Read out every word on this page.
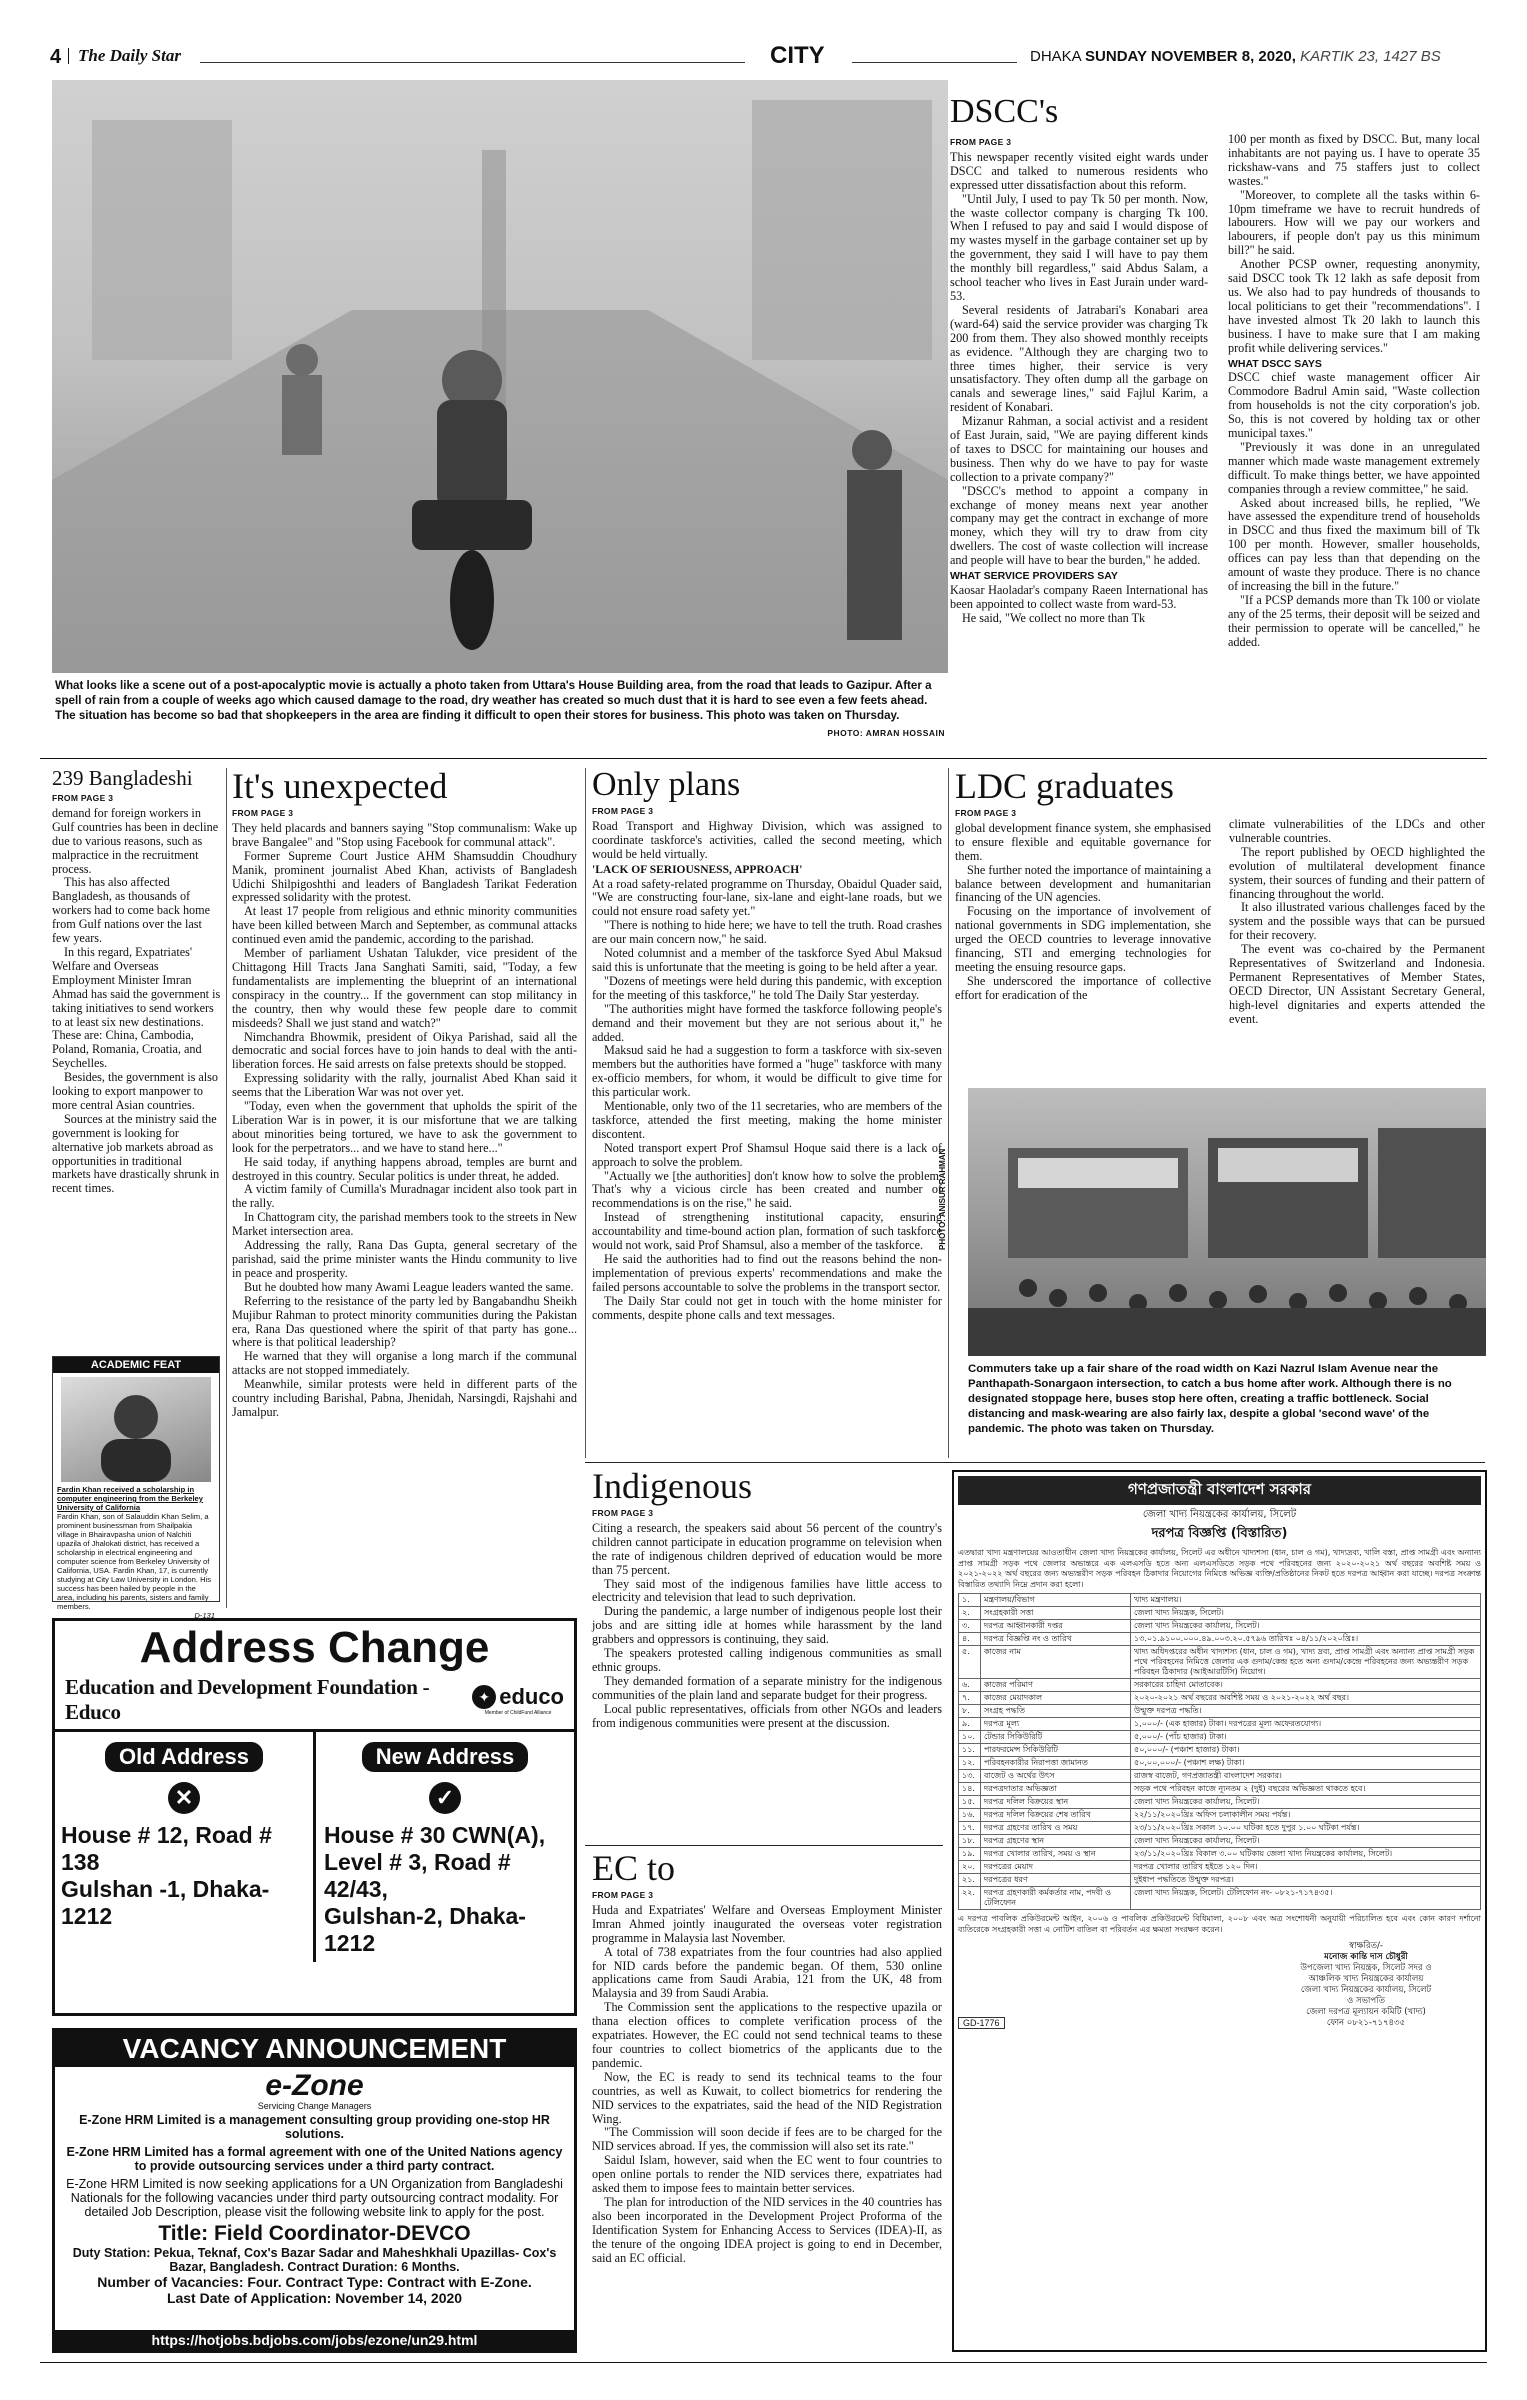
4 The Daily Star	CITY	DHAKA SUNDAY NOVEMBER 8, 2020, KARTIK 23, 1427 BS
What looks like a scene out of a post-apocalyptic movie is actually a photo taken from Uttara's House Building area, from the road that leads to Gazipur. After a spell of rain from a couple of weeks ago which caused damage to the road, dry weather has created so much dust that it is hard to see even a few feets ahead. The situation has become so bad that shopkeepers in the area are finding it difficult to open their stores for business. This photo was taken on Thursday.
PHOTO: AMRAN HOSSAIN
DSCC's
FROM PAGE 3

This newspaper recently visited eight wards under DSCC and talked to numerous residents who expressed utter dissatisfaction about this reform.

"Until July, I used to pay Tk 50 per month. Now, the waste collector company is charging Tk 100. When I refused to pay and said I would dispose of my wastes myself in the garbage container set up by the government, they said I will have to pay them the monthly bill regardless," said Abdus Salam, a school teacher who lives in East Jurain under ward-53.

Several residents of Jatrabari's Konabari area (ward-64) said the service provider was charging Tk 200 from them. They also showed monthly receipts as evidence. "Although they are charging two to three times higher, their service is very unsatisfactory. They often dump all the garbage on canals and sewerage lines," said Fajlul Karim, a resident of Konabari.

Mizanur Rahman, a social activist and a resident of East Jurain, said, "We are paying different kinds of taxes to DSCC for maintaining our houses and business. Then why do we have to pay for waste collection to a private company?"

"DSCC's method to appoint a company in exchange of money means next year another company may get the contract in exchange of more money, which they will try to draw from city dwellers. The cost of waste collection will increase and people will have to bear the burden," he added.

WHAT SERVICE PROVIDERS SAY

Kaosar Haoladar's company Raeen International has been appointed to collect waste from ward-53.

He said, "We collect no more than Tk

100 per month as fixed by DSCC. But, many local inhabitants are not paying us. I have to operate 35 rickshaw-vans and 75 staffers just to collect wastes."

"Moreover, to complete all the tasks within 6-10pm timeframe we have to recruit hundreds of labourers. How will we pay our workers and labourers, if people don't pay us this minimum bill?" he said.

Another PCSP owner, requesting anonymity, said DSCC took Tk 12 lakh as safe deposit from us. We also had to pay hundreds of thousands to local politicians to get their "recommendations". I have invested almost Tk 20 lakh to launch this business. I have to make sure that I am making profit while delivering services."

WHAT DSCC SAYS

DSCC chief waste management officer Air Commodore Badrul Amin said, "Waste collection from households is not the city corporation's job. So, this is not covered by holding tax or other municipal taxes."

"Previously it was done in an unregulated manner which made waste management extremely difficult. To make things better, we have appointed companies through a review committee," he said.

Asked about increased bills, he replied, "We have assessed the expenditure trend of households in DSCC and thus fixed the maximum bill of Tk 100 per month. However, smaller households, offices can pay less than that depending on the amount of waste they produce. There is no chance of increasing the bill in the future."

"If a PCSP demands more than Tk 100 or violate any of the 25 terms, their deposit will be seized and their permission to operate will be cancelled," he added.

239 Bangladeshi
FROM PAGE 3

demand for foreign workers in Gulf countries has been in decline due to various reasons, such as malpractice in the recruitment process.

This has also affected Bangladesh, as thousands of workers had to come back home from Gulf nations over the last few years.

In this regard, Expatriates' Welfare and Overseas Employment Minister Imran Ahmad has said the government is taking initiatives to send workers to at least six new destinations. These are: China, Cambodia, Poland, Romania, Croatia, and Seychelles.

Besides, the government is also looking to export manpower to more central Asian countries.

Sources at the ministry said the government is looking for alternative job markets abroad as opportunities in traditional markets have drastically shrunk in recent times.

ACADEMIC FEAT
Fardin Khan received a scholarship in computer engineering from the Berkeley University of California
Fardin Khan, son of Salauddin Khan Selim, a prominent businessman from Shailpakia village in Bhairavpasha union of Nalchiti upazila of Jhalokati district, has received a scholarship in electrical engineering and computer science from Berkeley University of California, USA. Fardin Khan, 17, is currently studying at City Law University in London. His success has been hailed by people in the area, including his parents, sisters and family members.
D-131
It's unexpected
FROM PAGE 3

They held placards and banners saying "Stop communalism: Wake up brave Bangalee" and "Stop using Facebook for communal attack".

Former Supreme Court Justice AHM Shamsuddin Choudhury Manik, prominent journalist Abed Khan, activists of Bangladesh Udichi Shilpigoshthi and leaders of Bangladesh Tarikat Federation expressed solidarity with the protest.

At least 17 people from religious and ethnic minority communities have been killed between March and September, as communal attacks continued even amid the pandemic, according to the parishad.

Member of parliament Ushatan Talukder, vice president of the Chittagong Hill Tracts Jana Sanghati Samiti, said, "Today, a few fundamentalists are implementing the blueprint of an international conspiracy in the country... If the government can stop militancy in the country, then why would these few people dare to commit misdeeds? Shall we just stand and watch?"

Nimchandra Bhowmik, president of Oikya Parishad, said all the democratic and social forces have to join hands to deal with the anti-liberation forces. He said arrests on false pretexts should be stopped.

Expressing solidarity with the rally, journalist Abed Khan said it seems that the Liberation War was not over yet.

"Today, even when the government that upholds the spirit of the Liberation War is in power, it is our misfortune that we are talking about minorities being tortured, we have to ask the government to look for the perpetrators... and we have to stand here..."

He said today, if anything happens abroad, temples are burnt and destroyed in this country. Secular politics is under threat, he added.

A victim family of Cumilla's Muradnagar incident also took part in the rally.

In Chattogram city, the parishad members took to the streets in New Market intersection area.

Addressing the rally, Rana Das Gupta, general secretary of the parishad, said the prime minister wants the Hindu community to live in peace and prosperity.

But he doubted how many Awami League leaders wanted the same.

Referring to the resistance of the party led by Bangabandhu Sheikh Mujibur Rahman to protect minority communities during the Pakistan era, Rana Das questioned where the spirit of that party has gone... where is that political leadership?

He warned that they will organise a long march if the communal attacks are not stopped immediately.

Meanwhile, similar protests were held in different parts of the country including Barishal, Pabna, Jhenidah, Narsingdi, Rajshahi and Jamalpur.

Only plans
FROM PAGE 3

Road Transport and Highway Division, which was assigned to coordinate taskforce's activities, called the second meeting, which would be held virtually.

'LACK OF SERIOUSNESS, APPROACH'

At a road safety-related programme on Thursday, Obaidul Quader said, "We are constructing four-lane, six-lane and eight-lane roads, but we could not ensure road safety yet."

"There is nothing to hide here; we have to tell the truth. Road crashes are our main concern now," he said.

Noted columnist and a member of the taskforce Syed Abul Maksud said this is unfortunate that the meeting is going to be held after a year.

"Dozens of meetings were held during this pandemic, with exception for the meeting of this taskforce," he told The Daily Star yesterday.

"The authorities might have formed the taskforce following people's demand and their movement but they are not serious about it," he added.

Maksud said he had a suggestion to form a taskforce with six-seven members but the authorities have formed a "huge" taskforce with many ex-officio members, for whom, it would be difficult to give time for this particular work.

Mentionable, only two of the 11 secretaries, who are members of the taskforce, attended the first meeting, making the home minister discontent.

Noted transport expert Prof Shamsul Hoque said there is a lack of approach to solve the problem.

"Actually we [the authorities] don't know how to solve the problem. That's why a vicious circle has been created and number of recommendations is on the rise," he said.

Instead of strengthening institutional capacity, ensuring accountability and time-bound action plan, formation of such taskforce would not work, said Prof Shamsul, also a member of the taskforce.

He said the authorities had to find out the reasons behind the non-implementation of previous experts' recommendations and make the failed persons accountable to solve the problems in the transport sector.

The Daily Star could not get in touch with the home minister for comments, despite phone calls and text messages.

LDC graduates
FROM PAGE 3

global development finance system, she emphasised to ensure flexible and equitable governance for them.

She further noted the importance of maintaining a balance between development and humanitarian financing of the UN agencies.

Focusing on the importance of involvement of national governments in SDG implementation, she urged the OECD countries to leverage innovative financing, STI and emerging technologies for meeting the ensuing resource gaps.

She underscored the importance of collective effort for eradication of the

climate vulnerabilities of the LDCs and other vulnerable countries.

The report published by OECD highlighted the evolution of multilateral development finance system, their sources of funding and their pattern of financing throughout the world.

It also illustrated various challenges faced by the system and the possible ways that can be pursued for their recovery.

The event was co-chaired by the Permanent Representatives of Switzerland and Indonesia. Permanent Representatives of Member States, OECD Director, UN Assistant Secretary General, high-level dignitaries and experts attended the event.

PHOTO: ANISUR RAHMAN
Commuters take up a fair share of the road width on Kazi Nazrul Islam Avenue near the Panthapath-Sonargaon intersection, to catch a bus home after work. Although there is no designated stoppage here, buses stop here often, creating a traffic bottleneck. Social distancing and mask-wearing are also fairly lax, despite a global 'second wave' of the pandemic. The photo was taken on Thursday.
Indigenous
FROM PAGE 3

Citing a research, the speakers said about 56 percent of the country's children cannot participate in education programme on television when the rate of indigenous children deprived of education would be more than 75 percent.

They said most of the indigenous families have little access to electricity and television that lead to such deprivation.

During the pandemic, a large number of indigenous people lost their jobs and are sitting idle at homes while harassment by the land grabbers and oppressors is continuing, they said.

The speakers protested calling indigenous communities as small ethnic groups.

They demanded formation of a separate ministry for the indigenous communities of the plain land and separate budget for their progress.

Local public representatives, officials from other NGOs and leaders from indigenous communities were present at the discussion.

EC to
FROM PAGE 3

Huda and Expatriates' Welfare and Overseas Employment Minister Imran Ahmed jointly inaugurated the overseas voter registration programme in Malaysia last November.

A total of 738 expatriates from the four countries had also applied for NID cards before the pandemic began. Of them, 530 online applications came from Saudi Arabia, 121 from the UK, 48 from Malaysia and 39 from Saudi Arabia.

The Commission sent the applications to the respective upazila or thana election offices to complete verification process of the expatriates. However, the EC could not send technical teams to these four countries to collect biometrics of the applicants due to the pandemic.

Now, the EC is ready to send its technical teams to the four countries, as well as Kuwait, to collect biometrics for rendering the NID services to the expatriates, said the head of the NID Registration Wing.

"The Commission will soon decide if fees are to be charged for the NID services abroad. If yes, the commission will also set its rate."

Saidul Islam, however, said when the EC went to four countries to open online portals to render the NID services there, expatriates had asked them to impose fees to maintain better services.

The plan for introduction of the NID services in the 40 countries has also been incorporated in the Development Project Proforma of the Identification System for Enhancing Access to Services (IDEA)-II, as the tenure of the ongoing IDEA project is going to end in December, said an EC official.

Address Change
Education and Development Foundation - Educo
✦ educo
Member of ChildFund Alliance
Old Address
✕
House # 12, Road # 138
Gulshan -1, Dhaka-1212
New Address
✓
House # 30 CWN(A),
Level # 3, Road # 42/43,
Gulshan-2, Dhaka-1212
VACANCY ANNOUNCEMENT
e-Zone
Servicing Change Managers
E-Zone HRM Limited is a management consulting group providing one-stop HR solutions.
E-Zone HRM Limited has a formal agreement with one of the United Nations agency to provide outsourcing services under a third party contract.
E-Zone HRM Limited is now seeking applications for a UN Organization from Bangladeshi Nationals for the following vacancies under third party outsourcing contract modality. For detailed Job Description, please visit the following website link to apply for the post.
Title: Field Coordinator-DEVCO
Duty Station: Pekua, Teknaf, Cox's Bazar Sadar and Maheshkhali Upazillas- Cox's Bazar, Bangladesh. Contract Duration: 6 Months.
Number of Vacancies: Four. Contract Type: Contract with E-Zone.
Last Date of Application: November 14, 2020
https://hotjobs.bdjobs.com/jobs/ezone/un29.html
গণপ্রজাতন্ত্রী বাংলাদেশ সরকার
জেলা খাদ্য নিয়ন্ত্রকের কার্যালয়, সিলেট
দরপত্র বিজ্ঞপ্তি (বিস্তারিত)
এতদ্বারা খাদ্য মন্ত্রণালয়ের আওতাধীন জেলা খাদ্য নিয়ন্ত্রকের কার্যালয়, সিলেট এর অধীনে খাদ্যশস্য (ধান, চাল ও গম), খাদ্যদ্রব্য, খালি বস্তা, প্রাপ্ত সামগ্রী এবং অন্যান্য প্রাপ্ত সামগ্রী সড়ক পথে জেলার অভ্যন্তরে এক এলএসডি হতে অন্য এলএসডিতে সড়ক পথে পরিবহনের জন্য ২০২০-২০২১ অর্থ বছরের অবশিষ্ট সময় ও ২০২১-২০২২ অর্থ বছরের জন্য অভ্যন্তরীণ সড়ক পরিবহন ঠিকাদার নিয়োগের নিমিত্তে অভিজ্ঞ ব্যক্তি/প্রতিষ্ঠানের নিকট হতে দরপত্র আহ্বান করা যাচ্ছে। দরপত্র সংক্রান্ত বিস্তারিত তথ্যাদি নিম্নে প্রদান করা হলো।
১.	মন্ত্রণালয়/বিভাগ	খাদ্য মন্ত্রণালয়।
২.	সংগ্রহকারী সত্তা	জেলা খাদ্য নিয়ন্ত্রক, সিলেট।
৩.	দরপত্র আহ্বানকারী দপ্তর	জেলা খাদ্য নিয়ন্ত্রকের কার্যালয়, সিলেট।
৪.	দরপত্র বিজ্ঞপ্তি নং ও তারিখ	১৩.০১.৯১০০.০০০.৪৯.০০৩.২০.৫৭৯৬ তারিখঃ ০৪/১১/২০২০খ্রিঃ।
৫.	কাজের নাম	খাদ্য অধিদপ্তরের অধীন খাদ্যশস্য (ধান, চাল ও গম), খাদ্য দ্রব্য, প্রাপ্ত সামগ্রী এবং অন্যান্য প্রাপ্ত সামগ্রী সড়ক পথে পরিবহনের নিমিত্তে জেলার এক গুদাম/কেন্দ্র হতে অন্য গুদাম/কেন্দ্রে পরিবহনের জন্য অভ্যন্তরীণ সড়ক পরিবহন ঠিকাদার (আইআরটিসি) নিয়োগ।
৬.	কাজের পরিমাণ	সরকারের চাহিদা মোতাবেক।
৭.	কাজের মেয়াদকাল	২০২০-২০২১ অর্থ বছরের অবশিষ্ট সময় ও ২০২১-২০২২ অর্থ বছর।
৮.	সংগ্রহ পদ্ধতি	উন্মুক্ত দরপত্র পদ্ধতি।
৯.	দরপত্র মূল্য	১,০০০/- (এক হাজার) টাকা। দরপত্রের মূল্য অফেরতযোগ্য।
১০.	টেন্ডার সিকিউরিটি	৫,০০০/- (পাঁচ হাজার) টাকা।
১১.	পারফরমেন্স সিকিউরিটি	৫০,০০০/- (পঞ্চাশ হাজার) টাকা।
১২.	পরিবহনকারীর নিরাপত্তা জামানত	৫০,০০,০০০/- (পঞ্চাশ লক্ষ) টাকা।
১৩.	বাজেট ও অর্থের উৎস	রাজস্ব বাজেট, গণপ্রজাতন্ত্রী বাংলাদেশ সরকার।
১৪.	দরপত্রদাতার অভিজ্ঞতা	সড়ক পথে পরিবহন কাজে ন্যূনতম ২ (দুই) বছরের অভিজ্ঞতা থাকতে হবে।
১৫.	দরপত্র দলিল বিক্রয়ের স্থান	জেলা খাদ্য নিয়ন্ত্রকের কার্যালয়, সিলেট।
১৬.	দরপত্র দলিল বিক্রয়ের শেষ তারিখ	২২/১১/২০২০খ্রিঃ অফিস চলাকালীন সময় পর্যন্ত।
১৭.	দরপত্র গ্রহণের তারিখ ও সময়	২৩/১১/২০২০খ্রিঃ সকাল ১০.০০ ঘটিকা হতে দুপুর ১.০০ ঘটিকা পর্যন্ত।
১৮.	দরপত্র গ্রহণের স্থান	জেলা খাদ্য নিয়ন্ত্রকের কার্যালয়, সিলেট।
১৯.	দরপত্র খোলার তারিখ, সময় ও স্থান	২৩/১১/২০২০খ্রিঃ বিকাল ৩.০০ ঘটিকায় জেলা খাদ্য নিয়ন্ত্রকের কার্যালয়, সিলেট।
২০.	দরপত্রের মেয়াদ	দরপত্র খোলার তারিখ হইতে ১২০ দিন।
২১.	দরপত্রের ধরণ	দুইধাপ পদ্ধতিতে উন্মুক্ত দরপত্র।
২২.	দরপত্র গ্রহণকারী কর্মকর্তার নাম, পদবী ও টেলিফোন	জেলা খাদ্য নিয়ন্ত্রক, সিলেট। টেলিফোন নং- ০৮২১-৭১৭৪৩৫।
এ দরপত্র পাবলিক প্রকিউরমেন্ট আইন, ২০০৬ ও পাবলিক প্রকিউরমেন্ট বিধিমালা, ২০০৮ এবং অত্র সংশোধনী অনুযায়ী পরিচালিত হবে এবং কোন কারণ দর্শানো ব্যতিরেকে সংগ্রহকারী সত্তা এ নোটিশ বাতিল বা পরিবর্তন এর ক্ষমতা সংরক্ষণ করেন।
GD-1776
স্বাক্ষরিত/-
মনোজ কান্তি দাস চৌধুরী
উপজেলা খাদ্য নিয়ন্ত্রক, সিলেট সদর ও
আঞ্চলিক খাদ্য নিয়ন্ত্রকের কার্যালয়
জেলা খাদ্য নিয়ন্ত্রকের কার্যালয়, সিলেট
ও সভাপতি
জেলা দরপত্র মূল্যায়ন কমিটি (খাদ্য)
ফোন ০৮২১-৭১৭৪৩৫
